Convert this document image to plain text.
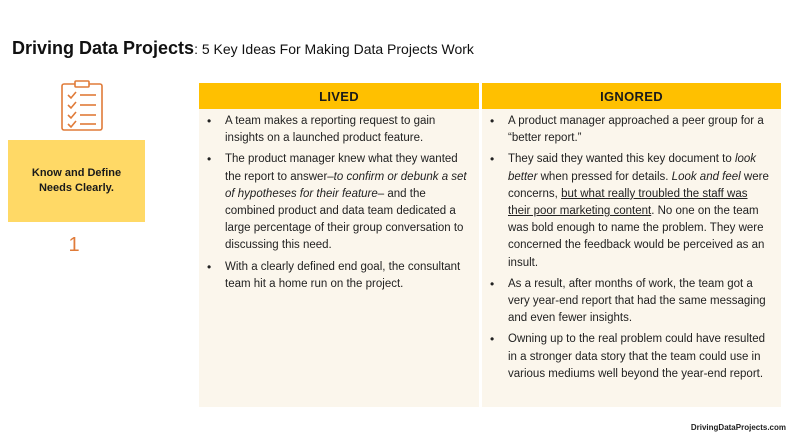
Driving Data Projects: 5 Key Ideas For Making Data Projects Work
Know and Define Needs Clearly.
1
LIVED
• A team makes a reporting request to gain insights on a launched product feature.
• The product manager knew what they wanted the report to answer–to confirm or debunk a set of hypotheses for their feature– and the combined product and data team dedicated a large percentage of their group conversation to discussing this need.
• With a clearly defined end goal, the consultant team hit a home run on the project.
IGNORED
• A product manager approached a peer group for a “better report.”
• They said they wanted this key document to look better when pressed for details. Look and feel were concerns, but what really troubled the staff was their poor marketing content. No one on the team was bold enough to name the problem. They were concerned the feedback would be perceived as an insult.
• As a result, after months of work, the team got a very year-end report that had the same messaging and even fewer insights.
• Owning up to the real problem could have resulted in a stronger data story that the team could use in various mediums well beyond the year-end report.
DrivingDataProjects.com
